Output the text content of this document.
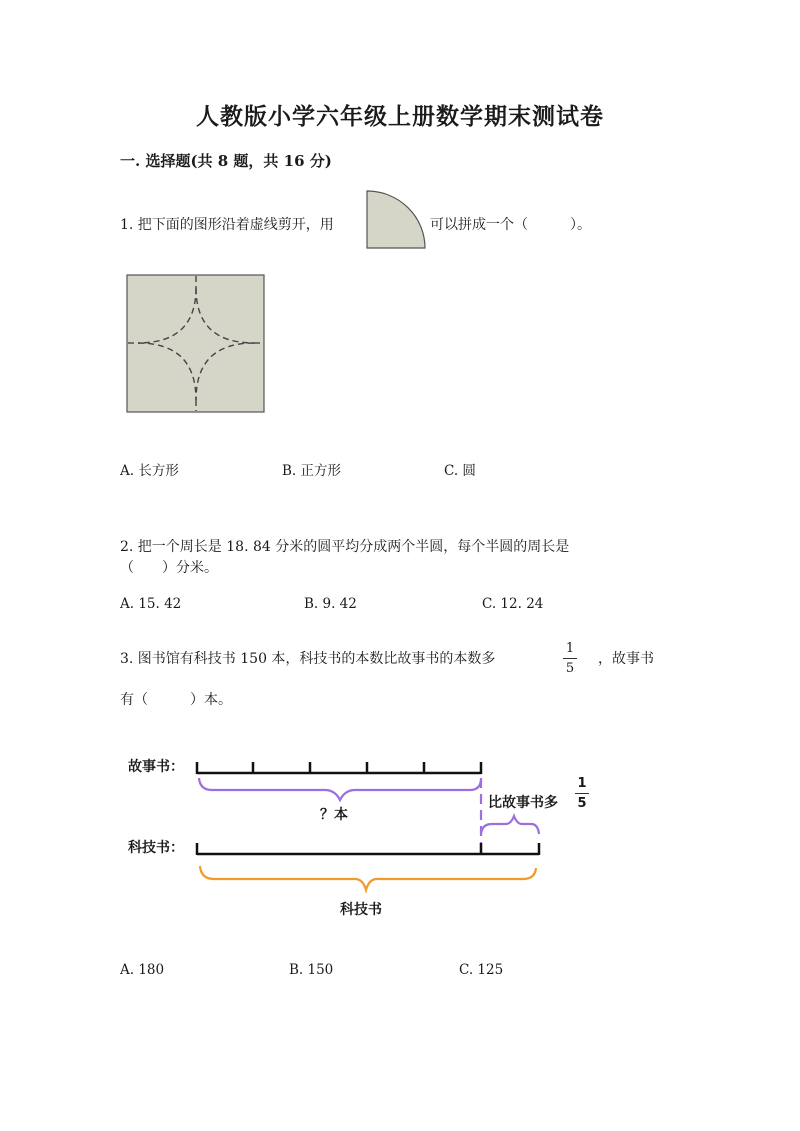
人教版小学六年级上册数学期末测试卷
一. 选择题(共 8 题，共 16 分)
1. 把下面的图形沿着虚线剪开，用	可以拼成一个（　　　）。
A. 长方形	B. 正方形	C. 圆
2. 把一个周长是 18. 84 分米的圆平均分成两个半圆，每个半圆的周长是
（　　）分米。
A. 15. 42	B. 9. 42	C. 12. 24
3. 图书馆有科技书 150 本，科技书的本数比故事书的本数多
1
5
，故事书
有（　　　）本。
故事书：
科技书：
？本
比故事书多
1
5
科技书
A. 180	B. 150	C. 125
